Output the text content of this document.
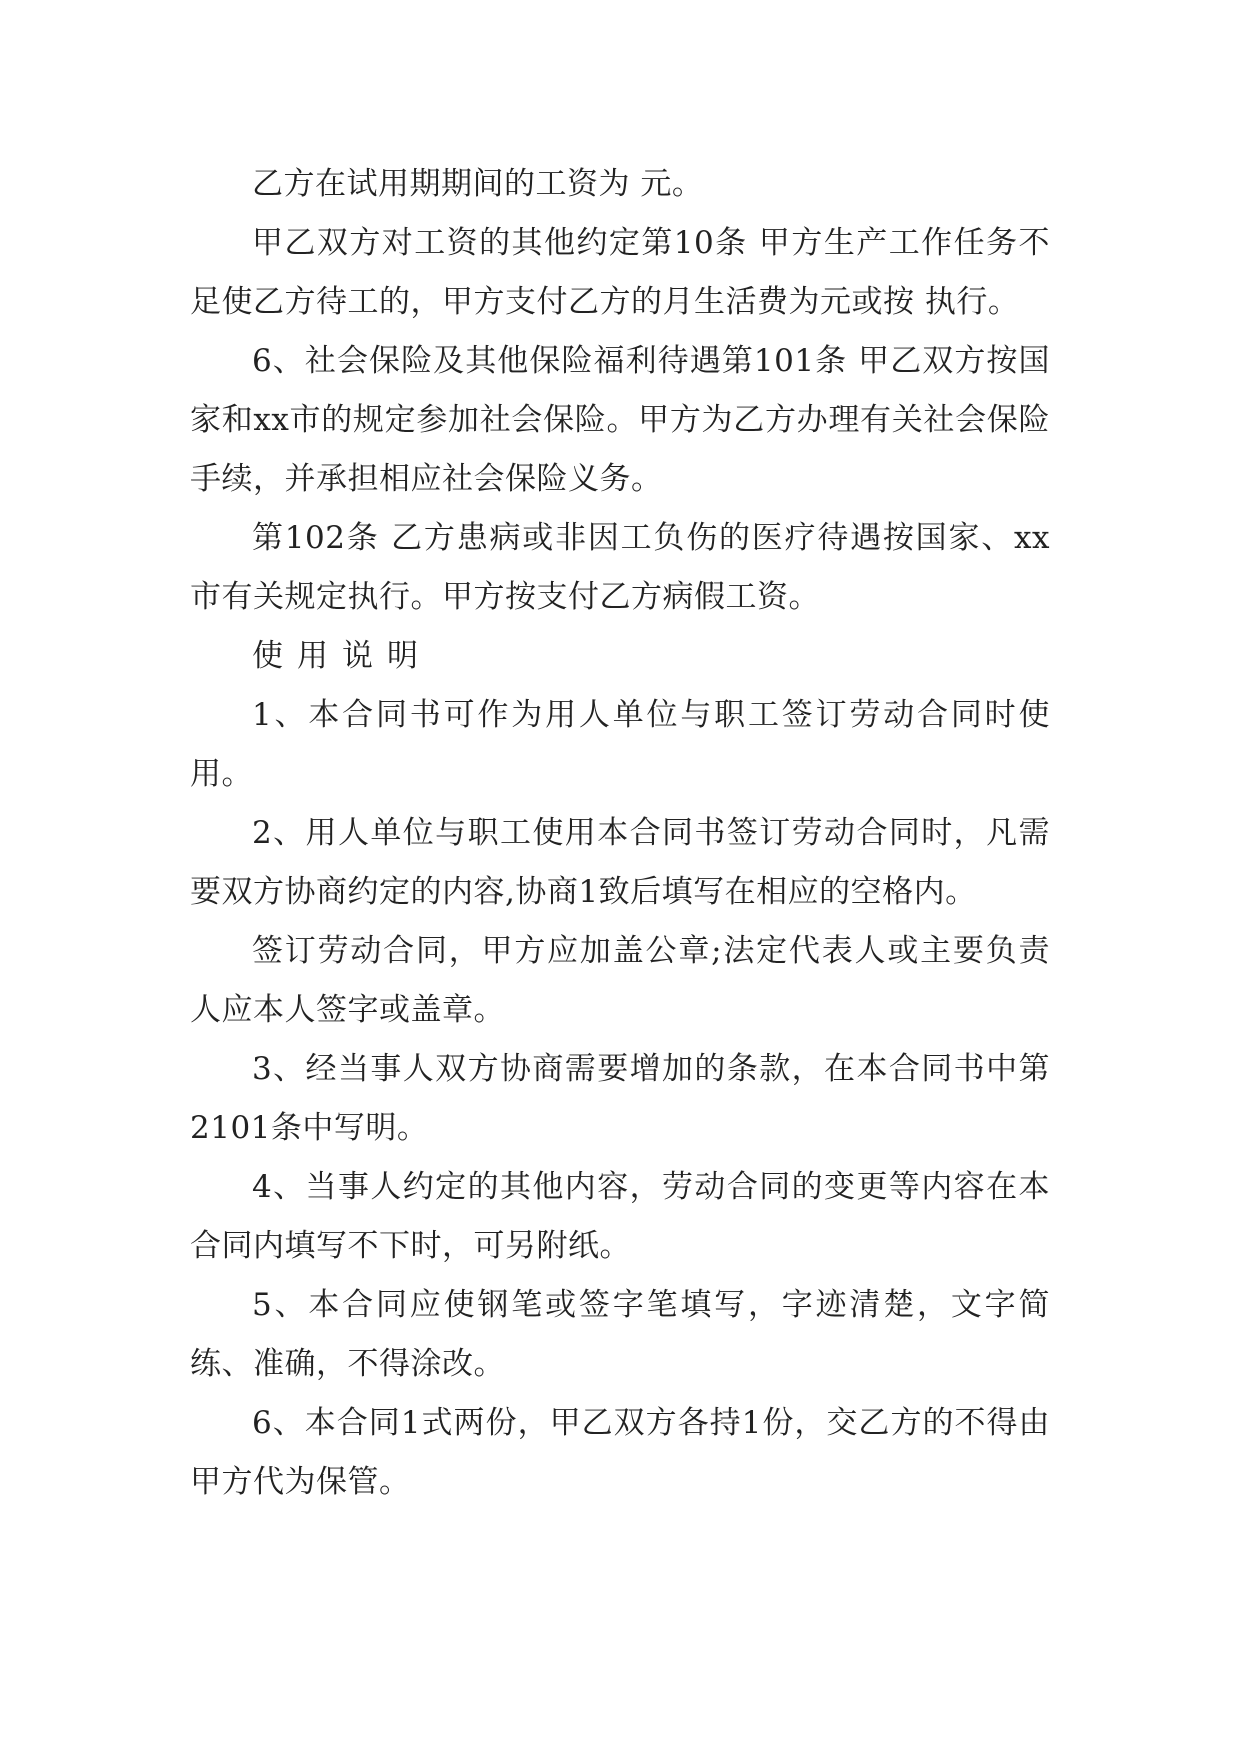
乙方在试用期期间的工资为 元。

甲乙双方对工资的其他约定第10条 甲方生产工作任务不足使乙方待工的，甲方支付乙方的月生活费为元或按 执行。

6、社会保险及其他保险福利待遇第101条 甲乙双方按国家和xx市的规定参加社会保险。甲方为乙方办理有关社会保险手续，并承担相应社会保险义务。

第102条 乙方患病或非因工负伤的医疗待遇按国家、xx市有关规定执行。甲方按支付乙方病假工资。

使用说明

1、本合同书可作为用人单位与职工签订劳动合同时使用。

2、用人单位与职工使用本合同书签订劳动合同时，凡需要双方协商约定的内容,协商1致后填写在相应的空格内。

签订劳动合同，甲方应加盖公章;法定代表人或主要负责人应本人签字或盖章。

3、经当事人双方协商需要增加的条款，在本合同书中第2101条中写明。

4、当事人约定的其他内容，劳动合同的变更等内容在本合同内填写不下时，可另附纸。

5、本合同应使钢笔或签字笔填写，字迹清楚，文字简练、准确，不得涂改。

6、本合同1式两份，甲乙双方各持1份，交乙方的不得由甲方代为保管。
